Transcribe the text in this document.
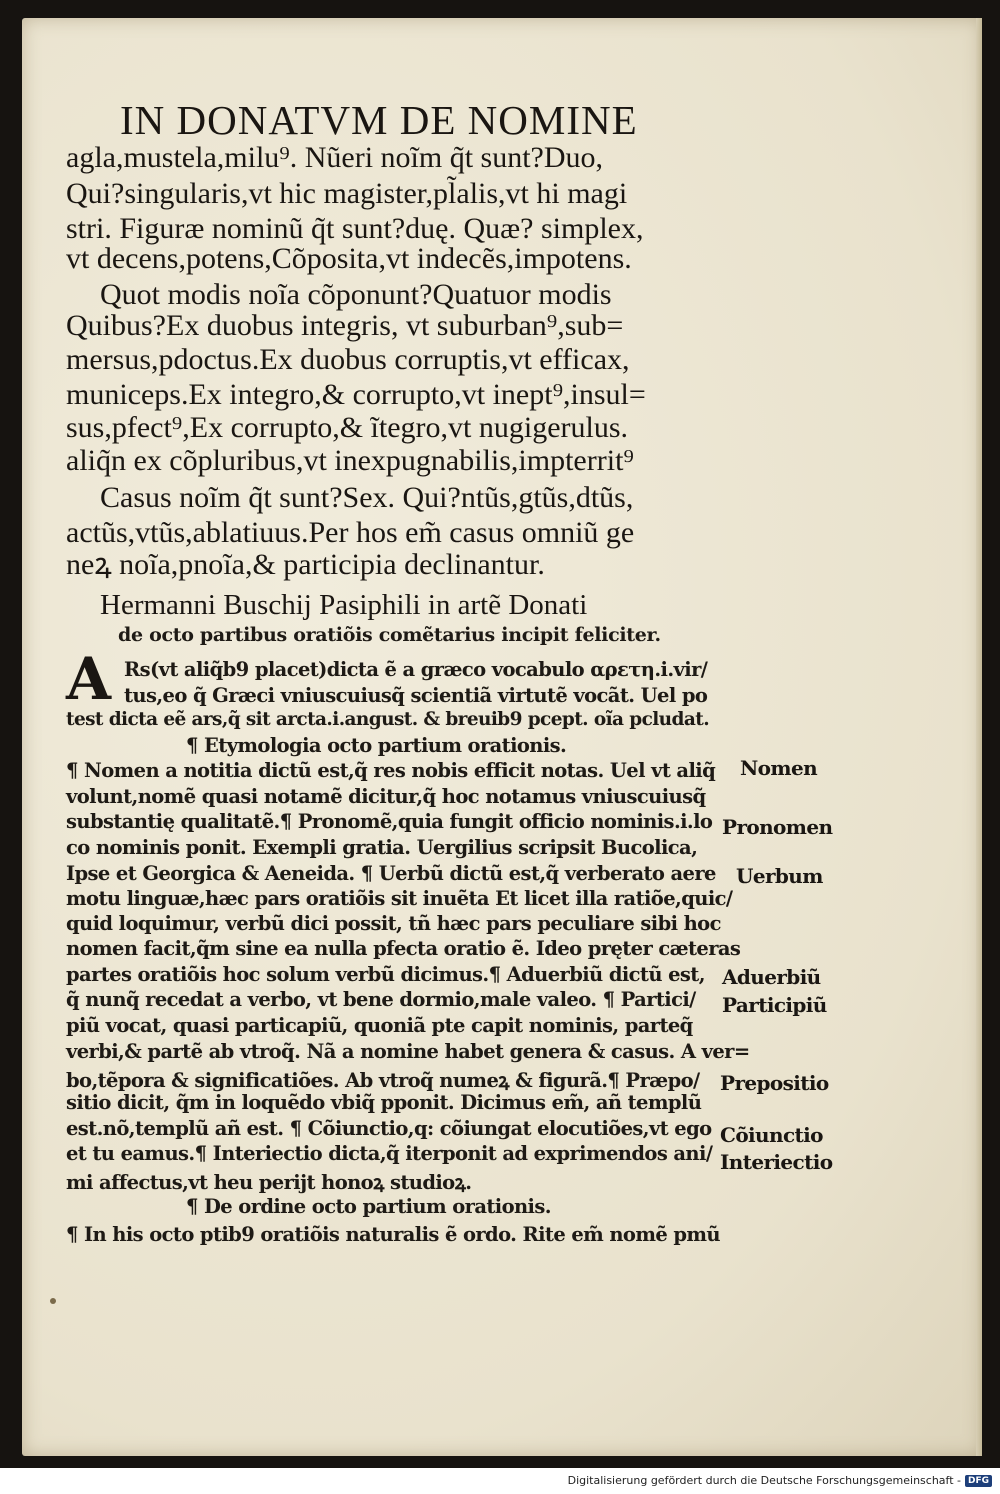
IN DONATVM DE NOMINE
agla,mustela,milu⁹. Nũeri noĩm q̃t sunt?Duo,
Qui?singularis,vt hic magister,pl̃alis,vt hi magi
stri. Figuræ nominũ q̃t sunt?duę. Quæ? simplex,
vt decens,potens,Cõposita,vt indecẽs,impotens.
Quot modis noĩa cõponunt?Quatuor modis
Quibus?Ex duobus integris, vt suburban⁹,sub=
mersus,pdoctus.Ex duobus corruptis,vt efficax,
municeps.Ex integro,& corrupto,vt inept⁹,insul=
sus,pfect⁹,Ex corrupto,& ĩtegro,vt nugigerulus.
aliq̃n ex cõpluribus,vt inexpugnabilis,impterrit⁹
Casus noĩm q̃t sunt?Sex. Qui?ntũs,gtũs,dtũs,
actũs,vtũs,ablatiuus.Per hos em̃ casus omniũ ge
neꝝ noĩa,pnoĩa,& participia declinantur.
Hermanni Buschij Pasiphili in artẽ Donati
de octo partibus oratiõis comẽtarius incipit feliciter.
A Rs(vt aliq̃b9 placet)dicta ẽ a græco vocabulo αρετη.i.vir/
tus,eo q̃ Græci vniuscuiusq̃ scientiã virtutẽ vocãt. Uel po
test dicta eẽ ars,q̃ sit arcta.i.angust. & breuib9 pcept. oĩa pcludat.
¶ Etymologia octo partium orationis.
¶ Nomen a notitia dictũ est,q̃ res nobis efficit notas. Uel vt aliq̃
volunt,nomẽ quasi notamẽ dicitur,q̃ hoc notamus vniuscuiusq̃
substantię qualitatẽ.¶ Pronomẽ,quia fungit officio nominis.i.lo
co nominis ponit. Exempli gratia. Uergilius scripsit Bucolica,
Ipse et Georgica & Aeneida. ¶ Uerbũ dictũ est,q̃ verberato aere
motu linguæ,hæc pars oratiõis sit inuẽta Et licet illa ratiõe,quic/
quid loquimur, verbũ dici possit, tñ hæc pars peculiare sibi hoc
nomen facit,q̃m sine ea nulla pfecta oratio ẽ. Ideo pręter cæteras
partes oratiõis hoc solum verbũ dicimus.¶ Aduerbiũ dictũ est,
q̃ nunq̃ recedat a verbo, vt bene dormio,male valeo. ¶ Partici/
piũ vocat, quasi particapiũ, quoniã pte capit nominis, parteq̃
verbi,& partẽ ab vtroq̃. Nã a nomine habet genera & casus. A ver=
bo,tẽpora & significatiões. Ab vtroq̃ numeꝝ & figurã.¶ Præpo/
sitio dicit, q̃m in loquẽdo vbiq̃ pponit. Dicimus em̃, añ templũ
est.nõ,templũ añ est. ¶ Cõiunctio,q: cõiungat elocutiões,vt ego
et tu eamus.¶ Interiectio dicta,q̃ iterponit ad exprimendos ani/
mi affectus,vt heu perijt honoꝝ studioꝝ.
¶ De ordine octo partium orationis.
¶ In his octo ptib9 oratiõis naturalis ẽ ordo. Rite em̃ nomẽ pmũ
Nomen
Pronomen
Uerbum
Aduerbiũ
Participiũ
Prepositio
Cõiunctio
Interiectio
Digitalisierung gefördert durch die Deutsche Forschungsgemeinschaft - DFG
